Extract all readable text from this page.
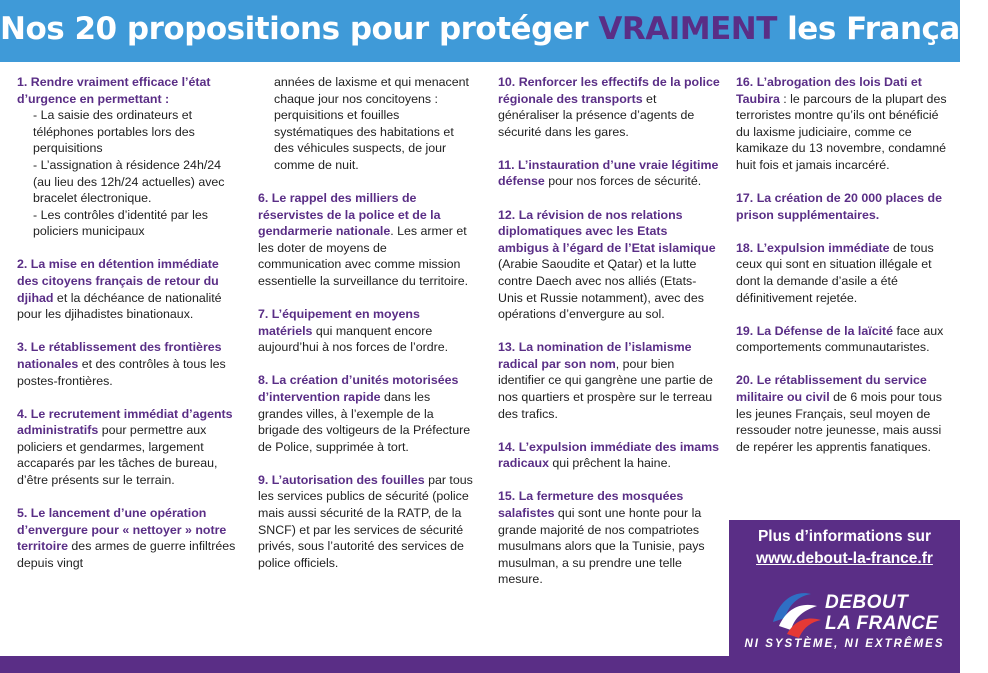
Nos 20 propositions pour protéger VRAIMENT les Français
1. Rendre vraiment efficace l’état d’urgence en permettant :
- La saisie des ordinateurs et téléphones portables lors des perquisitions
- L’assignation à résidence 24h/24 (au lieu des 12h/24 actuelles) avec bracelet électronique.
- Les contrôles d’identité par les policiers municipaux
2. La mise en détention immédiate des citoyens français de retour du djihad et la déchéance de nationalité pour les djihadistes binationaux.
3. Le rétablissement des frontières nationales et des contrôles à tous les postes-frontières.
4. Le recrutement immédiat d’agents administratifs pour permettre aux policiers et gendarmes, largement accaparés par les tâches de bureau, d’être présents sur le terrain.
5. Le lancement d’une opération d’envergure pour « nettoyer » notre territoire des armes de guerre infiltrées depuis vingt
années de laxisme et qui menacent chaque jour nos concitoyens : perquisitions et fouilles systématiques des habitations et des véhicules suspects, de jour comme de nuit.
6. Le rappel des milliers de réservistes de la police et de la gendarmerie nationale. Les armer et les doter de moyens de communication avec comme mission essentielle la surveillance du territoire.
7. L’équipement en moyens matériels qui manquent encore aujourd’hui à nos forces de l’ordre.
8. La création d’unités motorisées d’intervention rapide dans les grandes villes, à l’exemple de la brigade des voltigeurs de la Préfecture de Police, supprimée à tort.
9. L’autorisation des fouilles par tous les services publics de sécurité (police mais aussi sécurité de la RATP, de la SNCF) et par les services de sécurité privés, sous l’autorité des services de police officiels.
10. Renforcer les effectifs de la police régionale des transports et généraliser la présence d’agents de sécurité dans les gares.
11. L’instauration d’une vraie légitime défense pour nos forces de sécurité.
12. La révision de nos relations diplomatiques avec les Etats ambigus à l’égard de l’Etat islamique (Arabie Saoudite et Qatar) et la lutte contre Daech avec nos alliés (Etats-Unis et Russie notamment), avec des opérations d’envergure au sol.
13. La nomination de l’islamisme radical par son nom, pour bien identifier ce qui gangrène une partie de nos quartiers et prospère sur le terreau des trafics.
14. L’expulsion immédiate des imams radicaux qui prêchent la haine.
15. La fermeture des mosquées salafistes qui sont une honte pour la grande majorité de nos compatriotes musulmans alors que la Tunisie, pays musulman, a su prendre une telle mesure.
16. L’abrogation des lois Dati et Taubira : le parcours de la plupart des terroristes montre qu’ils ont bénéficié du laxisme judiciaire, comme ce kamikaze du 13 novembre, condamné huit fois et jamais incarcéré.
17. La création de 20 000 places de prison supplémentaires.
18. L’expulsion immédiate de tous ceux qui sont en situation illégale et dont la demande d’asile a été définitivement rejetée.
19. La Défense de la laïcité face aux comportements communautaristes.
20. Le rétablissement du service militaire ou civil de 6 mois pour tous les jeunes Français, seul moyen de ressouder notre jeunesse, mais aussi de repérer les apprentis fanatiques.
Plus d’informations sur
www.debout-la-france.fr
DEBOUT
LA FRANCE
NI SYSTÈME, NI EXTRÊMES
